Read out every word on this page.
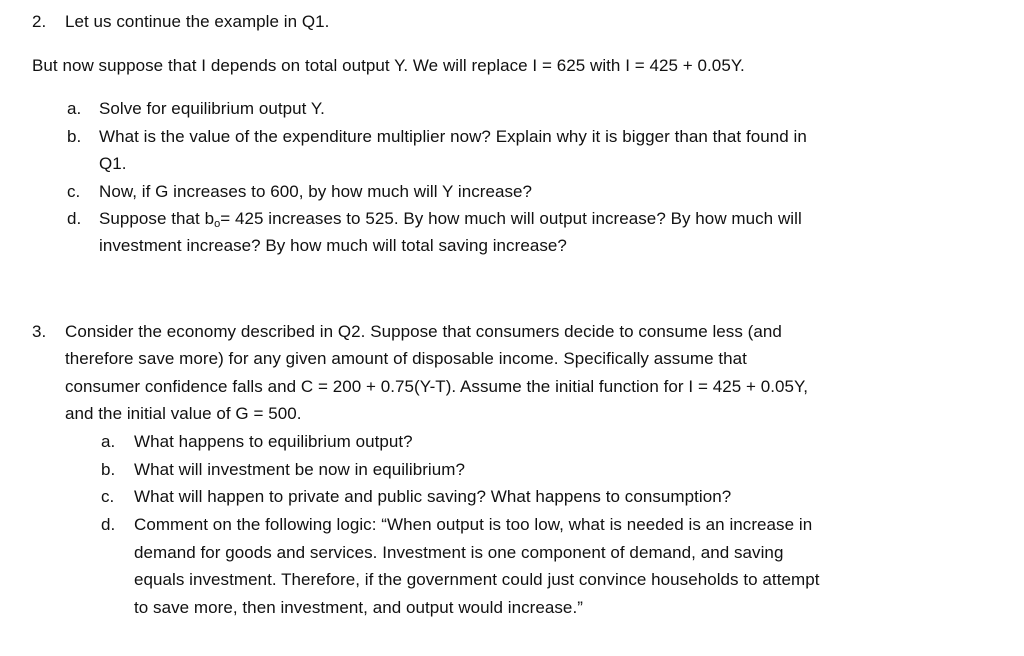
2. Let us continue the example in Q1.
But now suppose that I depends on total output Y. We will replace I = 625 with I = 425 + 0.05Y.
a. Solve for equilibrium output Y.
b. What is the value of the expenditure multiplier now? Explain why it is bigger than that found in
Q1.
c. Now, if G increases to 600, by how much will Y increase?
d. Suppose that $b_o= 425$ increases to 525. By how much will output increase? By how much will
investment increase? By how much will total saving increase?
3. Consider the economy described in Q2. Suppose that consumers decide to consume less (and
therefore save more) for any given amount of disposable income. Specifically assume that
consumer confidence falls and C = 200 + 0.75(Y-T). Assume the initial function for I = 425 + 0.05Y,
and the initial value of G = 500.
a. What happens to equilibrium output?
b. What will investment be now in equilibrium?
c. What will happen to private and public saving? What happens to consumption?
d. Comment on the following logic: “When output is too low, what is needed is an increase in
demand for goods and services. Investment is one component of demand, and saving
equals investment. Therefore, if the government could just convince households to attempt
to save more, then investment, and output would increase.”
